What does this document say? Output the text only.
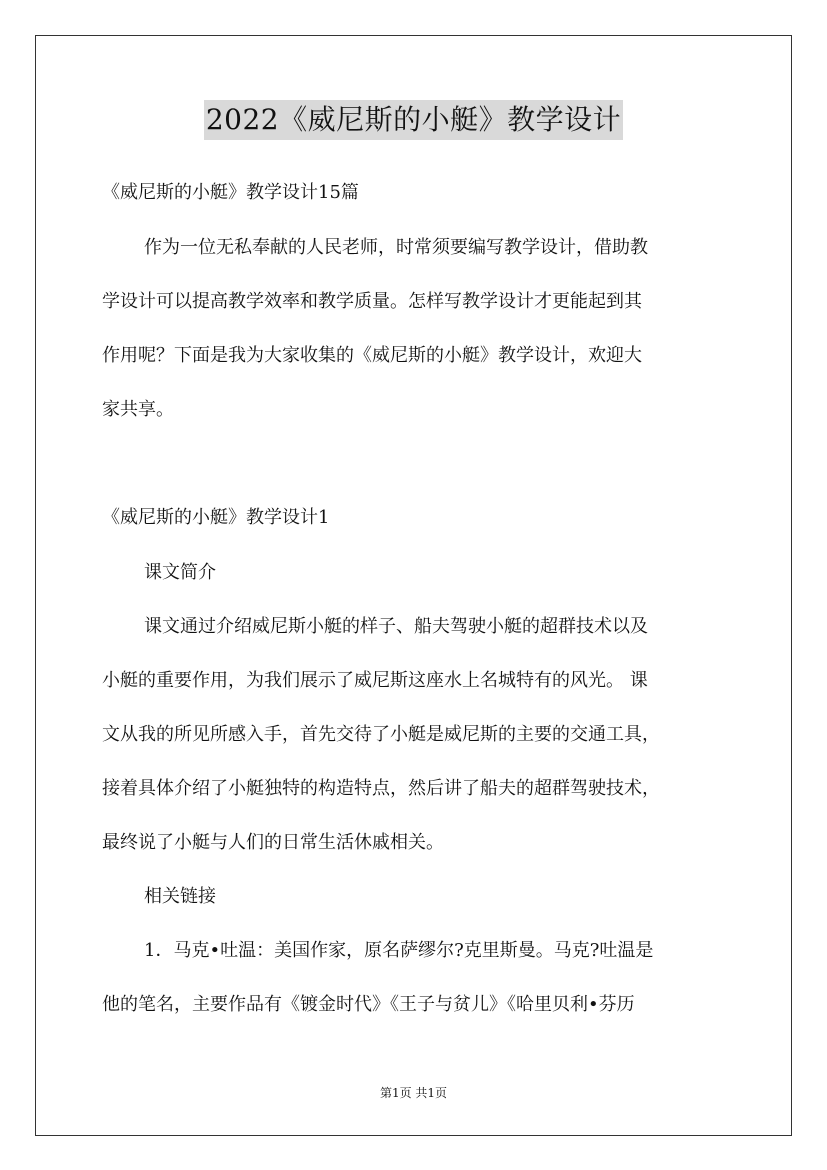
2022《威尼斯的小艇》教学设计
《威尼斯的小艇》教学设计15篇
作为一位无私奉献的人民老师，时常须要编写教学设计，借助教
学设计可以提高教学效率和教学质量。怎样写教学设计才更能起到其
作用呢？下面是我为大家收集的《威尼斯的小艇》教学设计，欢迎大
家共享。
《威尼斯的小艇》教学设计1
课文简介
课文通过介绍威尼斯小艇的样子、船夫驾驶小艇的超群技术以及
小艇的重要作用，为我们展示了威尼斯这座水上名城特有的风光。 课
文从我的所见所感入手，首先交待了小艇是威尼斯的主要的交通工具，
接着具体介绍了小艇独特的构造特点，然后讲了船夫的超群驾驶技术，
最终说了小艇与人们的日常生活休戚相关。
相关链接
1．马克•吐温：美国作家，原名萨缪尔?克里斯曼。马克?吐温是
他的笔名，主要作品有《镀金时代》《王子与贫儿》《哈里贝利•芬历
第1页 共1页
